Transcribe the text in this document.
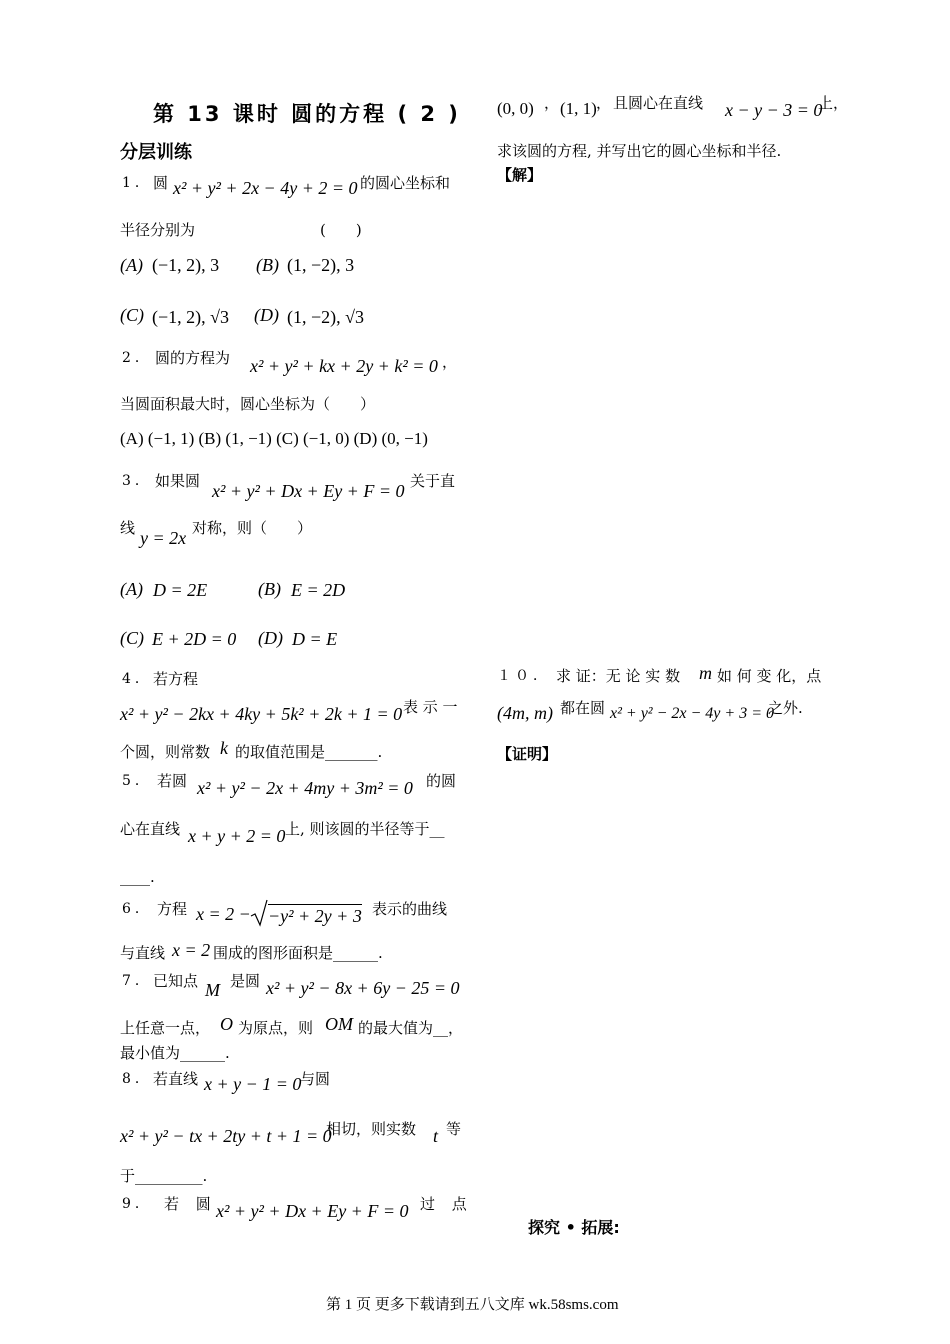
第 13 课时 圆的方程 ( 2 )
分层训练
1． 圆 x² + y² + 2x − 4y + 2 = 0 的圆心坐标和
半径分别为	(　　)
(A) (−1, 2), 3 (B) (1, −2), 3
(C) (−1, 2), √3 (D) (1, −2), √3
2． 圆的方程为 x² + y² + kx + 2y + k² = 0 ，
当圆面积最大时，圆心坐标为（　　）
(A) (−1, 1) (B) (1, −1) (C) (−1, 0) (D) (0, −1)
3． 如果圆 x² + y² + Dx + Ey + F = 0 关于直
线 y = 2x 对称，则（　　）
(A) D = 2E	(B) E = 2D
(C) E + 2D = 0 (D) D = E
4． 若方程
x² + y² − 2kx + 4ky + 5k² + 2k + 1 = 0 表 示 一
个圆，则常数 k 的取值范围是_______.
5． 若圆 x² + y² − 2x + 4my + 3m² = 0 的圆
心在直线 x + y + 2 = 0 上, 则该圆的半径等于__
____.
6． 方程 x = 2 − −y² + 2y + 3 表示的曲线
与直线 x = 2 围成的图形面积是______.
7． 已知点 M 是圆 x² + y² − 8x + 6y − 25 = 0
上任意一点， O 为原点，则 OM 的最大值为__，
最小值为______.
8． 若直线 x + y − 1 = 0
与圆
x² + y² − tx + 2ty + t + 1 = 0
相切，则实数 t 等
于_________.
9． 若 圆 x² + y² + Dx + Ey + F = 0 过 点
(0, 0) ， (1, 1) ， 且圆心在直线 x − y − 3 = 0
上，
求该圆的方程, 并写出它的圆心坐标和半径.
【解】
１０． 求 证：无 论 实 数 m 如 何 变 化，点
(4m, m) 都在圆 x² + y² − 2x − 4y + 3 = 0
之外.
【证明】
探究 • 拓展:
第 1 页 更多下载请到五八文库 wk.58sms.com
